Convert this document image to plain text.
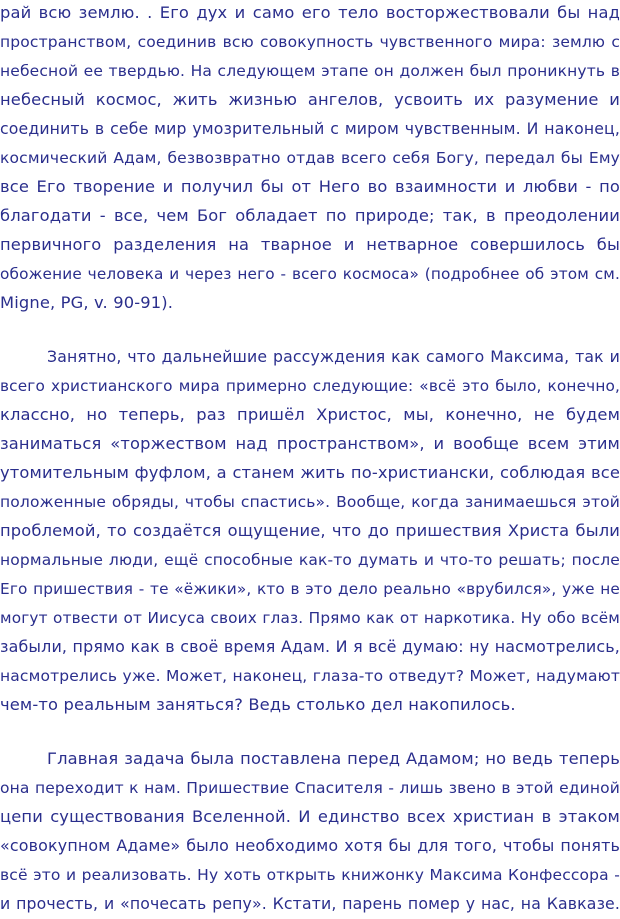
рай всю землю. . Его дух и само его тело восторжествовали бы над
пространством, соединив всю совокупность чувственного мира: землю с
небесной ее твердью. На следующем этапе он должен был проникнуть в
небесный космос, жить жизнью ангелов, усвоить их разумение и
соединить в себе мир умозрительный с миром чувственным. И наконец,
космический Адам, безвозвратно отдав всего себя Богу, передал бы Ему
все Его творение и получил бы от Него во взаимности и любви - по
благодати - все, чем Бог обладает по природе; так, в преодолении
первичного разделения на тварное и нетварное совершилось бы
обожение человека и через него - всего космоса» (подробнее об этом см.
Migne, PG, v. 90-91).
Занятно, что дальнейшие рассуждения как самого Максима, так и
всего христианского мира примерно следующие: «всё это было, конечно,
классно, но теперь, раз пришёл Христос, мы, конечно, не будем
заниматься «торжеством над пространством», и вообще всем этим
утомительным фуфлом, а станем жить по-христиански, соблюдая все
положенные обряды, чтобы спастись». Вообще, когда занимаешься этой
проблемой, то создаётся ощущение, что до пришествия Христа были
нормальные люди, ещё способные как-то думать и что-то решать; после
Его пришествия - те «ёжики», кто в это дело реально «врубился», уже не
могут отвести от Иисуса своих глаз. Прямо как от наркотика. Ну обо всём
забыли, прямо как в своё время Адам. И я всё думаю: ну насмотрелись,
насмотрелись уже. Может, наконец, глаза-то отведут? Может, надумают
чем-то реальным заняться? Ведь столько дел накопилось.
Главная задача была поставлена перед Адамом; но ведь теперь
она переходит к нам. Пришествие Спасителя - лишь звено в этой единой
цепи существования Вселенной. И единство всех христиан в этаком
«совокупном Адаме» было необходимо хотя бы для того, чтобы понять
всё это и реализовать. Ну хоть открыть книжонку Максима Конфессора -
и прочесть, и «почесать репу». Кстати, парень помер у нас, на Кавказе.
